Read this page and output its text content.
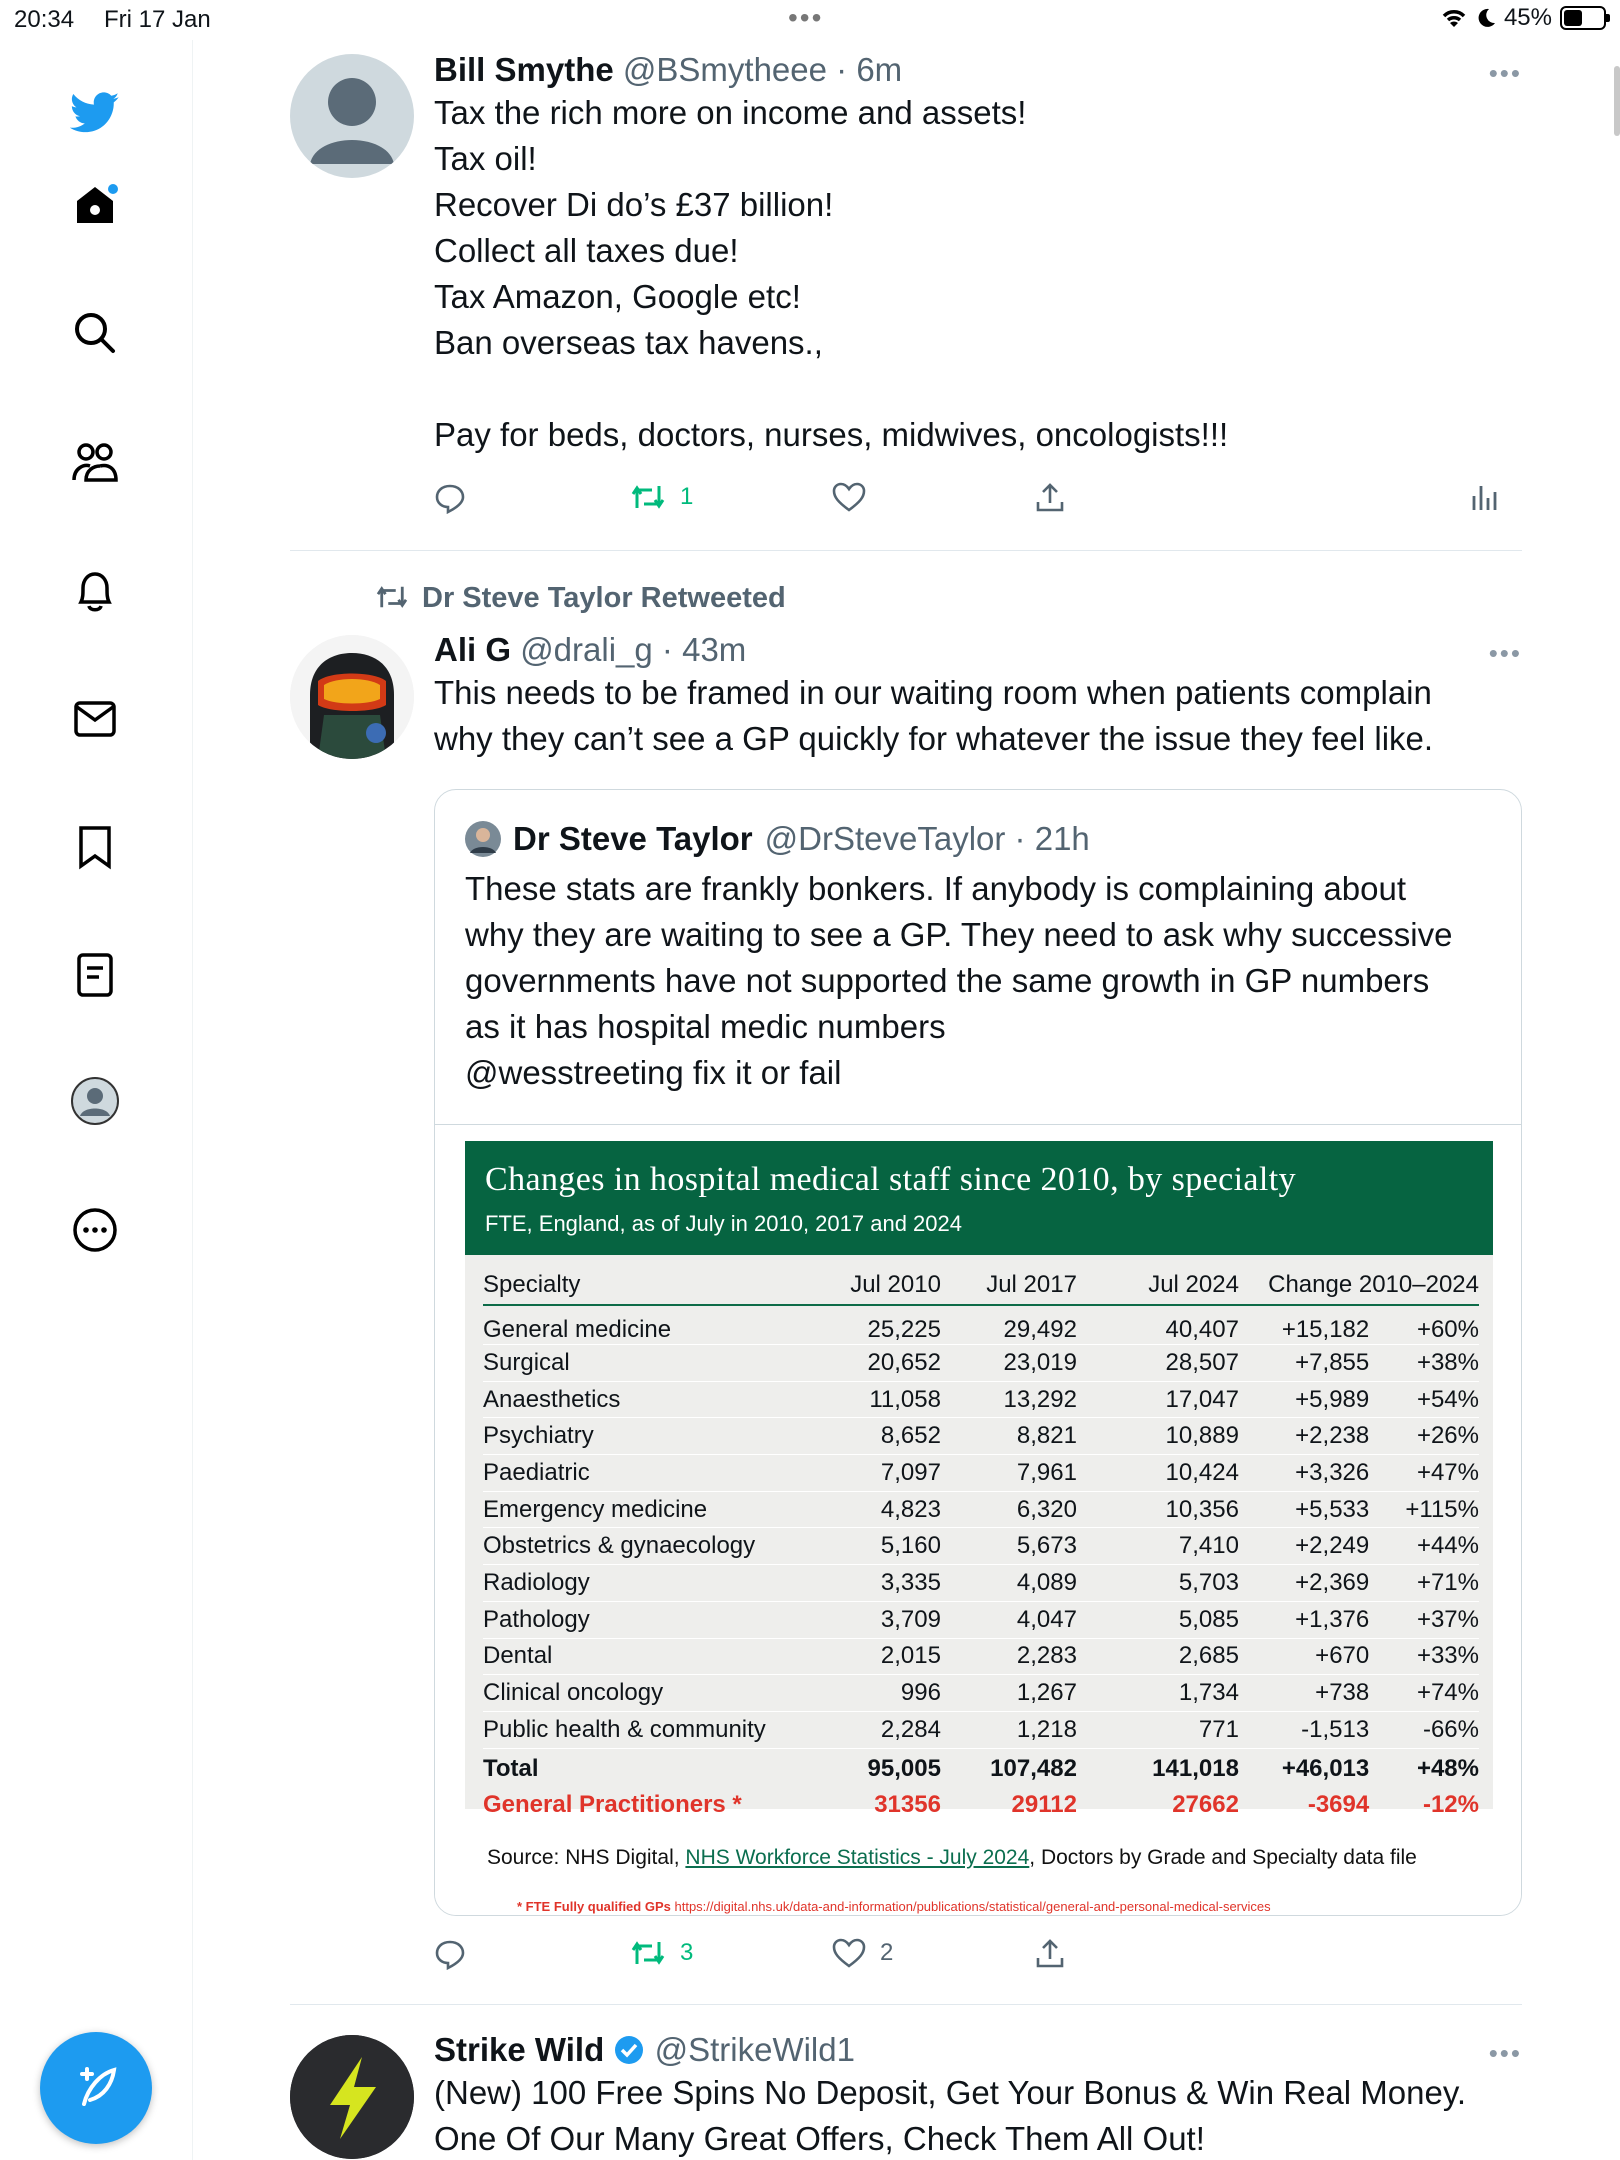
20:34 Fri 17 Jan	•••	45%
Bill Smythe @BSmytheee · 6m
Tax the rich more on income and assets!
Tax oil!
Recover Di do’s £37 billion!
Collect all taxes due!
Tax Amazon, Google etc!
Ban overseas tax havens.,

Pay for beds, doctors, nurses, midwives, oncologists!!!
•••
1
Dr Steve Taylor Retweeted
Ali G @drali_g · 43m
This needs to be framed in our waiting room when patients complain
why they can’t see a GP quickly for whatever the issue they feel like.
•••
Dr Steve Taylor @DrSteveTaylor · 21h
These stats are frankly bonkers. If anybody is complaining about
why they are waiting to see a GP. They need to ask why successive
governments have not supported the same growth in GP numbers
as it has hospital medic numbers
@wesstreeting fix it or fail
Changes in hospital medical staff since 2010, by specialty
FTE, England, as of July in 2010, 2017 and 2024
Specialty	Jul 2010	Jul 2017	Jul 2024	Change 2010–2024	
General medicine	25,225	29,492	40,407	+15,182	+60%
Surgical	20,652	23,019	28,507	+7,855	+38%
Anaesthetics	11,058	13,292	17,047	+5,989	+54%
Psychiatry	8,652	8,821	10,889	+2,238	+26%
Paediatric	7,097	7,961	10,424	+3,326	+47%
Emergency medicine	4,823	6,320	10,356	+5,533	+115%
Obstetrics & gynaecology	5,160	5,673	7,410	+2,249	+44%
Radiology	3,335	4,089	5,703	+2,369	+71%
Pathology	3,709	4,047	5,085	+1,376	+37%
Dental	2,015	2,283	2,685	+670	+33%
Clinical oncology	996	1,267	1,734	+738	+74%
Public health & community	2,284	1,218	771	-1,513	-66%
Total	95,005	107,482	141,018	+46,013	+48%
General Practitioners *	31356	29112	27662	-3694	-12%
Source: NHS Digital, NHS Workforce Statistics - July 2024, Doctors by Grade and Specialty data file
* FTE Fully qualified GPs https://digital.nhs.uk/data-and-information/publications/statistical/general-and-personal-medical-services
3	2
Strike Wild @StrikeWild1
(New) 100 Free Spins No Deposit, Get Your Bonus & Win Real Money.
One Of Our Many Great Offers, Check Them All Out!
•••
